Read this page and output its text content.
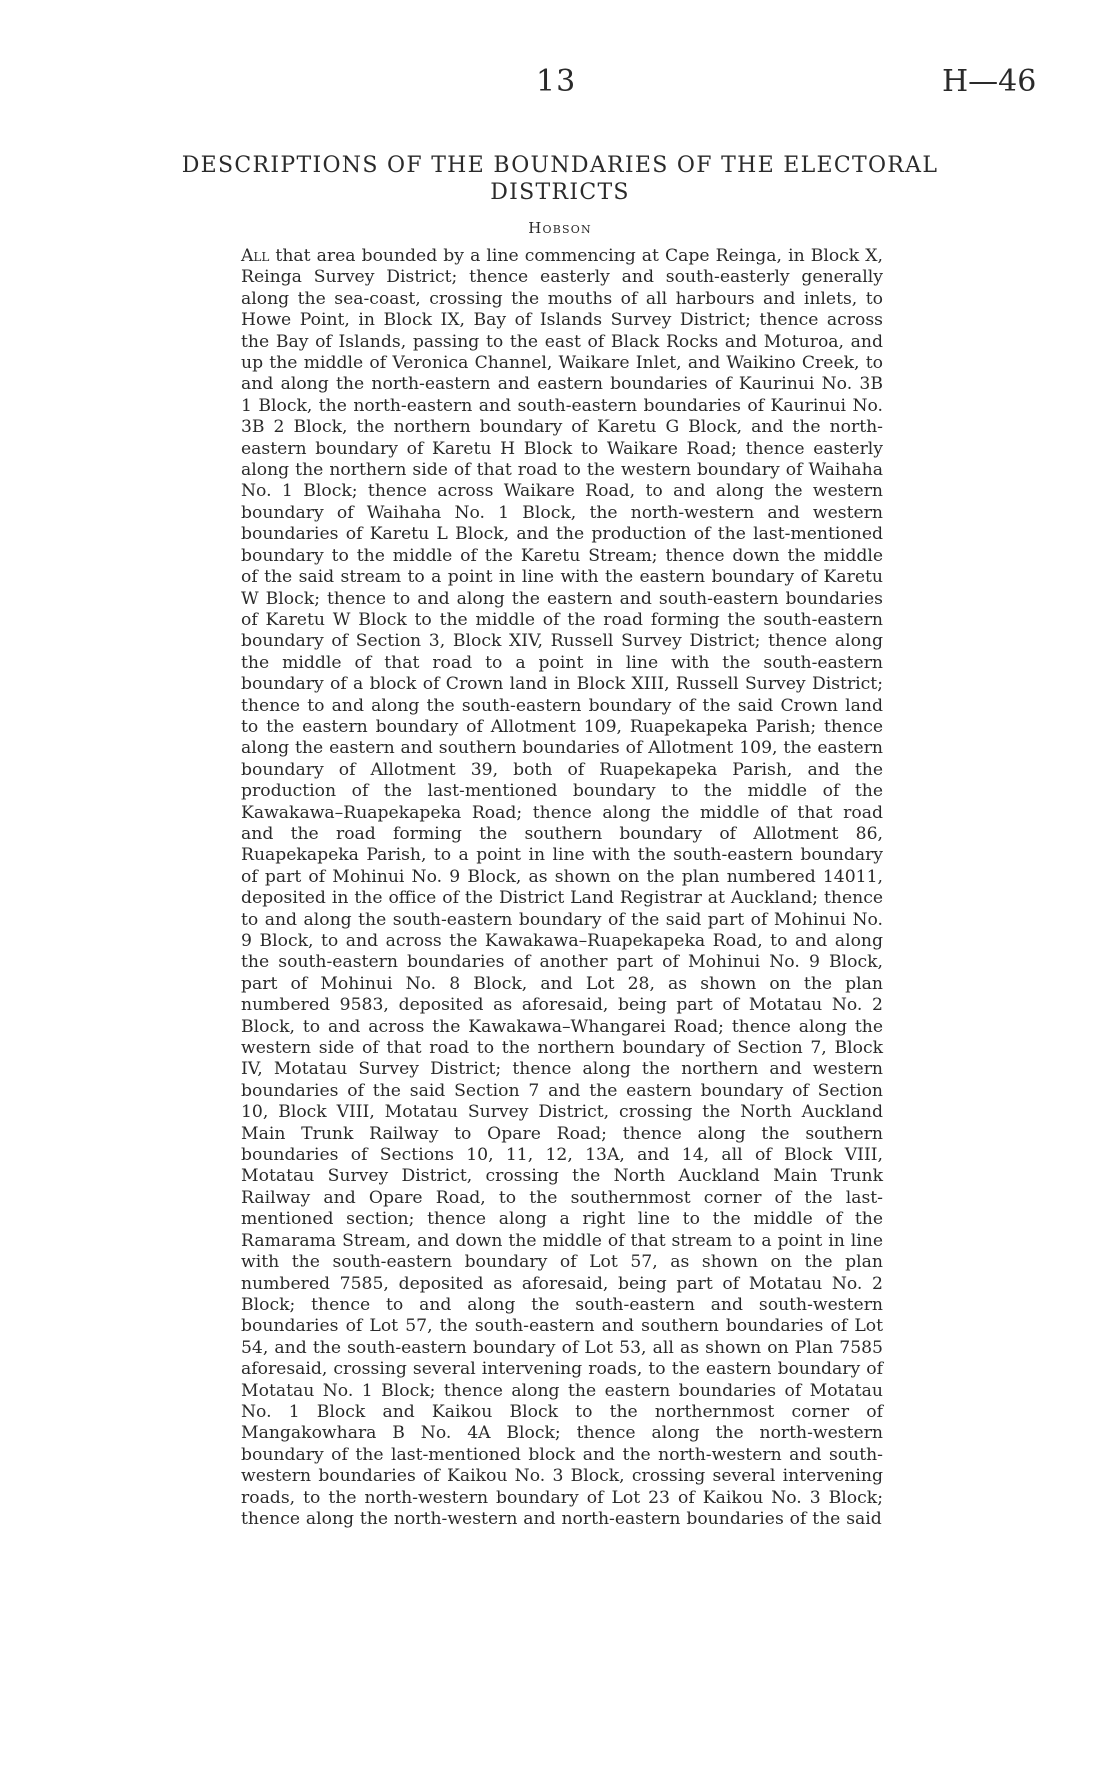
13	H—46
DESCRIPTIONS OF THE BOUNDARIES OF THE ELECTORAL DISTRICTS
Hobson
All that area bounded by a line commencing at Cape Reinga, in Block X, Reinga Survey District; thence easterly and south-easterly generally along the sea-coast, crossing the mouths of all harbours and inlets, to Howe Point, in Block IX, Bay of Islands Survey District; thence across the Bay of Islands, passing to the east of Black Rocks and Moturoa, and up the middle of Veronica Channel, Waikare Inlet, and Waikino Creek, to and along the north-eastern and eastern boundaries of Kaurinui No. 3B 1 Block, the north-eastern and south-eastern boundaries of Kaurinui No. 3B 2 Block, the northern boundary of Karetu G Block, and the north-eastern boundary of Karetu H Block to Waikare Road; thence easterly along the northern side of that road to the western boundary of Waihaha No. 1 Block; thence across Waikare Road, to and along the western boundary of Waihaha No. 1 Block, the north-western and western boundaries of Karetu L Block, and the production of the last-mentioned boundary to the middle of the Karetu Stream; thence down the middle of the said stream to a point in line with the eastern boundary of Karetu W Block; thence to and along the eastern and south-eastern boundaries of Karetu W Block to the middle of the road forming the south-eastern boundary of Section 3, Block XIV, Russell Survey District; thence along the middle of that road to a point in line with the south-eastern boundary of a block of Crown land in Block XIII, Russell Survey District; thence to and along the south-eastern boundary of the said Crown land to the eastern boundary of Allotment 109, Ruapekapeka Parish; thence along the eastern and southern boundaries of Allotment 109, the eastern boundary of Allotment 39, both of Ruapekapeka Parish, and the production of the last-mentioned boundary to the middle of the Kawakawa–Ruapekapeka Road; thence along the middle of that road and the road forming the southern boundary of Allotment 86, Ruapekapeka Parish, to a point in line with the south-eastern boundary of part of Mohinui No. 9 Block, as shown on the plan numbered 14011, deposited in the office of the District Land Registrar at Auckland; thence to and along the south-eastern boundary of the said part of Mohinui No. 9 Block, to and across the Kawakawa–Ruapekapeka Road, to and along the south-eastern boundaries of another part of Mohinui No. 9 Block, part of Mohinui No. 8 Block, and Lot 28, as shown on the plan numbered 9583, deposited as aforesaid, being part of Motatau No. 2 Block, to and across the Kawakawa–Whangarei Road; thence along the western side of that road to the northern boundary of Section 7, Block IV, Motatau Survey District; thence along the northern and western boundaries of the said Section 7 and the eastern boundary of Section 10, Block VIII, Motatau Survey District, crossing the North Auckland Main Trunk Railway to Opare Road; thence along the southern boundaries of Sections 10, 11, 12, 13A, and 14, all of Block VIII, Motatau Survey District, crossing the North Auckland Main Trunk Railway and Opare Road, to the southernmost corner of the last-mentioned section; thence along a right line to the middle of the Ramarama Stream, and down the middle of that stream to a point in line with the south-eastern boundary of Lot 57, as shown on the plan numbered 7585, deposited as aforesaid, being part of Motatau No. 2 Block; thence to and along the south-eastern and south-western boundaries of Lot 57, the south-eastern and southern boundaries of Lot 54, and the south-eastern boundary of Lot 53, all as shown on Plan 7585 aforesaid, crossing several intervening roads, to the eastern boundary of Motatau No. 1 Block; thence along the eastern boundaries of Motatau No. 1 Block and Kaikou Block to the northernmost corner of Mangakowhara B No. 4A Block; thence along the north-western boundary of the last-mentioned block and the north-western and south-western boundaries of Kaikou No. 3 Block, crossing several intervening roads, to the north-western boundary of Lot 23 of Kaikou No. 3 Block; thence along the north-western and north-eastern boundaries of the said
